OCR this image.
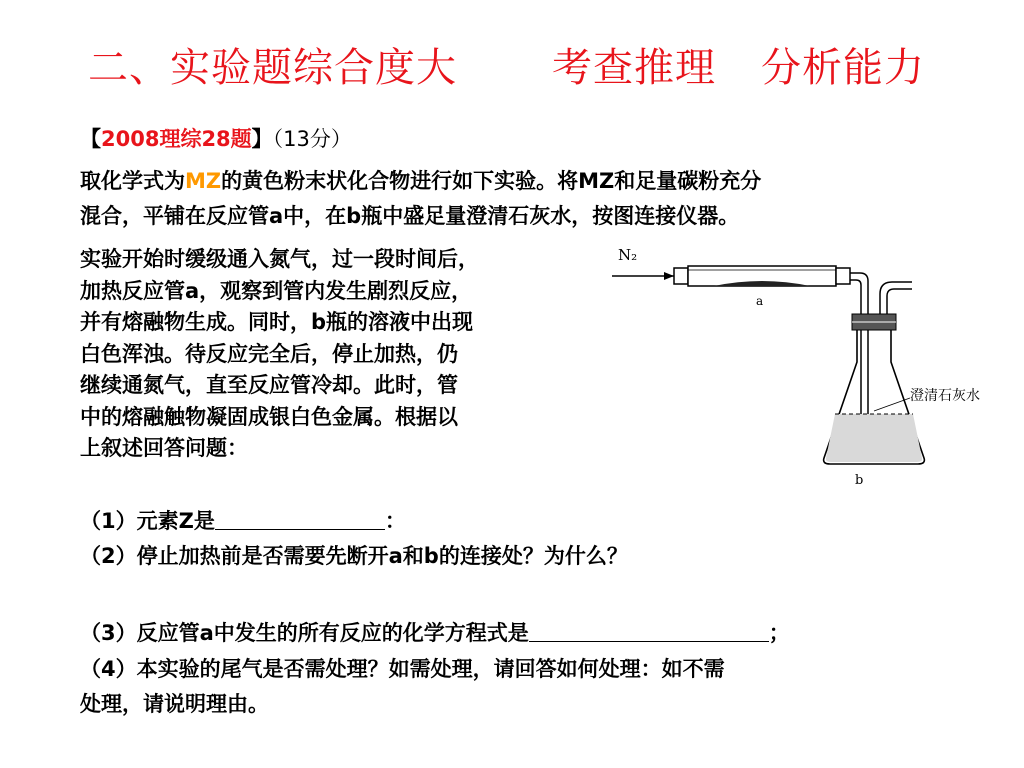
二、实验题综合度大 考查推理 分析能力
【2008理综28题】（13分）
取化学式为MZ的黄色粉末状化合物进行如下实验。将MZ和足量碳粉充分
混合，平铺在反应管a中，在b瓶中盛足量澄清石灰水，按图连接仪器。
实验开始时缓级通入氮气，过一段时间后，
加热反应管a，观察到管内发生剧烈反应，
并有熔融物生成。同时，b瓶的溶液中出现
白色浑浊。待反应完全后，停止加热，仍
继续通氮气，直至反应管冷却。此时，管
中的熔融触物凝固成银白色金属。根据以
上叙述回答问题：
（1）元素Z是	：
（2）停止加热前是否需要先断开a和b的连接处？为什么？
（3）反应管a中发生的所有反应的化学方程式是	；
（4）本实验的尾气是否需处理？如需处理，请回答如何处理：如不需
处理，请说明理由。
N₂
a
澄清石灰水
b
